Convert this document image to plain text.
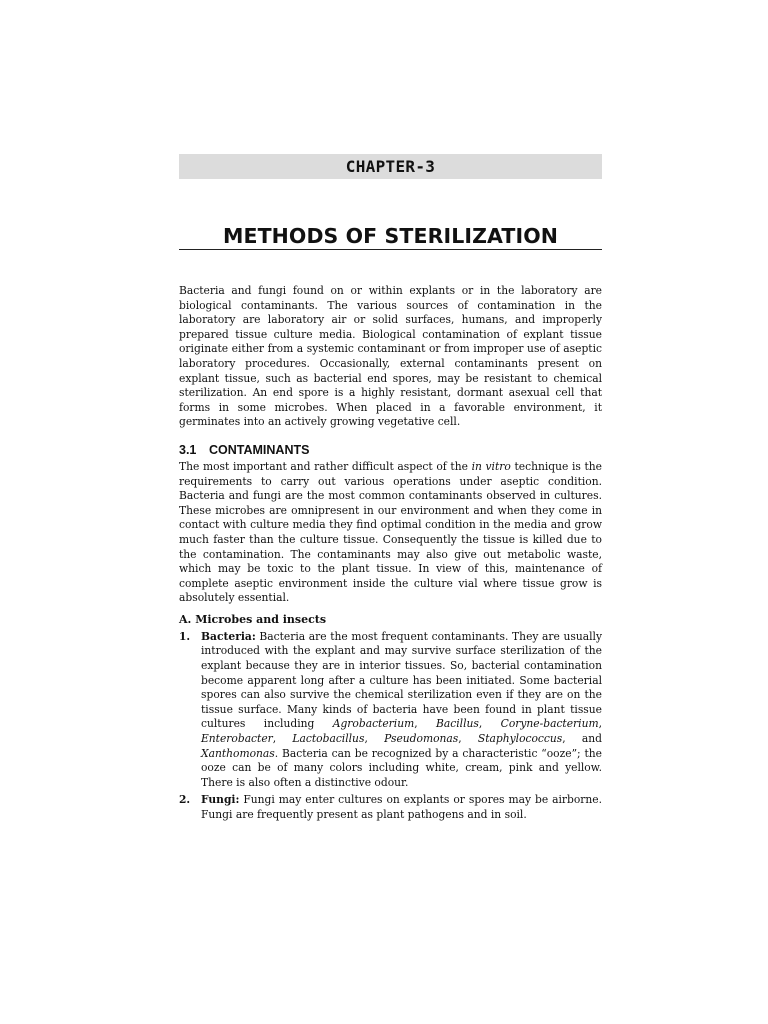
CHAPTER-3
METHODS OF STERILIZATION

Bacteria and fungi found on or within explants or in the laboratory are biological contaminants. The various sources of contamination in the laboratory are laboratory air or solid surfaces, humans, and improperly prepared tissue culture media. Biological contamination of explant tissue originate either from a systemic contaminant or from improper use of aseptic laboratory procedures. Occasionally, external contaminants present on explant tissue, such as bacterial end spores, may be resistant to chemical sterilization. An end spore is a highly resistant, dormant asexual cell that forms in some microbes. When placed in a favorable environment, it germinates into an actively growing vegetative cell.

3.1 CONTAMINANTS

The most important and rather difficult aspect of the in vitro technique is the requirements to carry out various operations under aseptic condition. Bacteria and fungi are the most common contaminants observed in cultures. These microbes are omnipresent in our environment and when they come in contact with culture media they find optimal condition in the media and grow much faster than the culture tissue. Consequently the tissue is killed due to the contamination. The contaminants may also give out metabolic waste, which may be toxic to the plant tissue. In view of this, maintenance of complete aseptic environment inside the culture vial where tissue grow is absolutely essential.

A. Microbes and insects
1. Bacteria: Bacteria are the most frequent contaminants. They are usually introduced with the explant and may survive surface sterilization of the explant because they are in interior tissues. So, bacterial contamination become apparent long after a culture has been initiated. Some bacterial spores can also survive the chemical sterilization even if they are on the tissue surface. Many kinds of bacteria have been found in plant tissue cultures including Agrobacterium, Bacillus, Coryne-bacterium, Enterobacter, Lactobacillus, Pseudomonas, Staphylococcus, and Xanthomonas. Bacteria can be recognized by a characteristic “ooze”; the ooze can be of many colors including white, cream, pink and yellow. There is also often a distinctive odour.
2. Fungi: Fungi may enter cultures on explants or spores may be airborne. Fungi are frequently present as plant pathogens and in soil.
